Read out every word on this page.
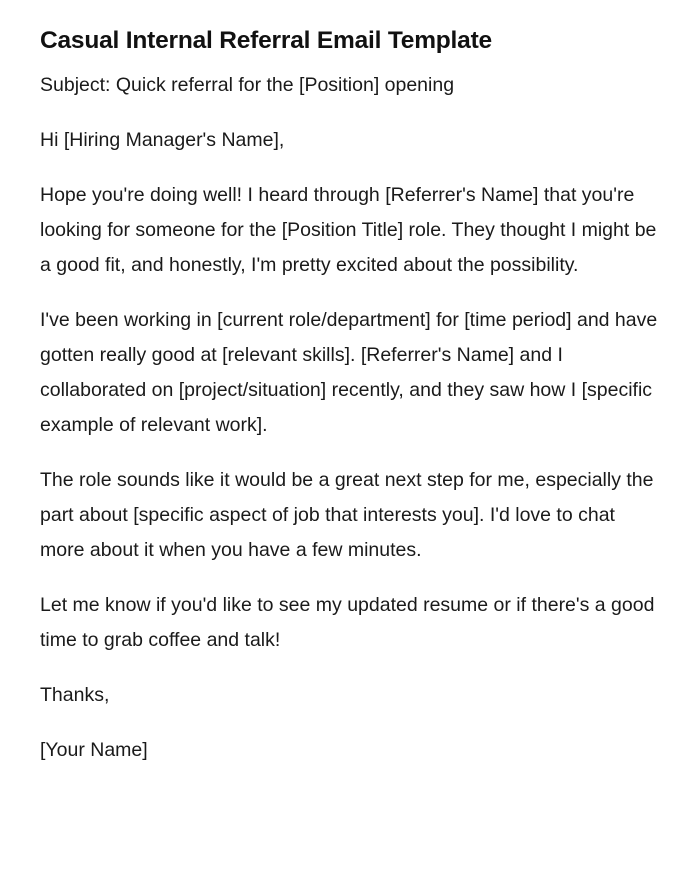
Casual Internal Referral Email Template

Subject: Quick referral for the [Position] opening

Hi [Hiring Manager's Name],

Hope you're doing well! I heard through [Referrer's Name] that you're looking for someone for the [Position Title] role. They thought I might be a good fit, and honestly, I'm pretty excited about the possibility.

I've been working in [current role/department] for [time period] and have gotten really good at [relevant skills]. [Referrer's Name] and I collaborated on [project/situation] recently, and they saw how I [specific example of relevant work].

The role sounds like it would be a great next step for me, especially the part about [specific aspect of job that interests you]. I'd love to chat more about it when you have a few minutes.

Let me know if you'd like to see my updated resume or if there's a good time to grab coffee and talk!

Thanks,

[Your Name]
